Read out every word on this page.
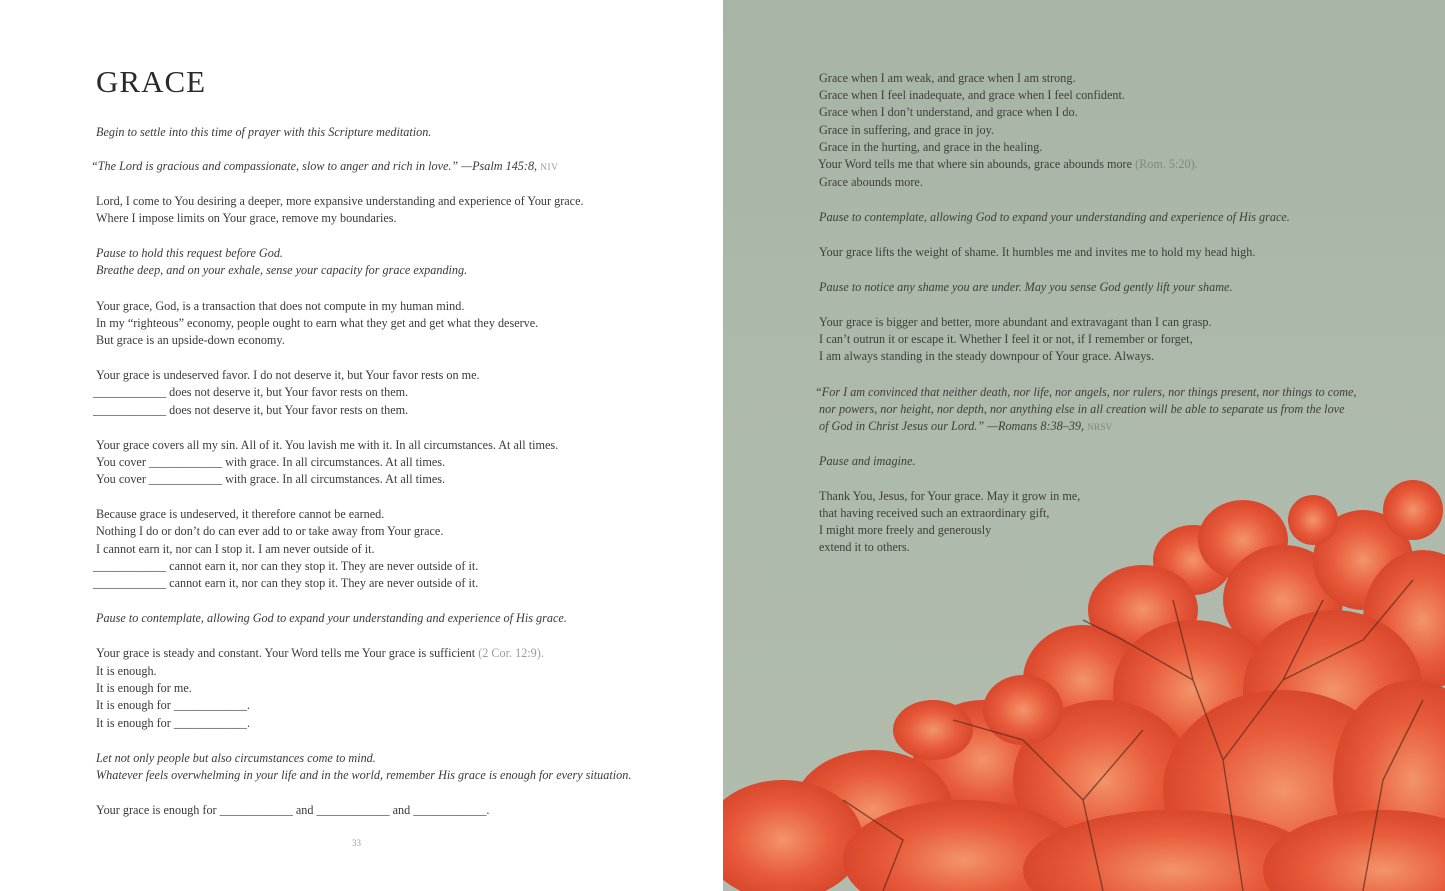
GRACE
Begin to settle into this time of prayer with this Scripture meditation.
“The Lord is gracious and compassionate, slow to anger and rich in love.” —Psalm 145:8, NIV
Lord, I come to You desiring a deeper, more expansive understanding and experience of Your grace.
Where I impose limits on Your grace, remove my boundaries.
Pause to hold this request before God.
Breathe deep, and on your exhale, sense your capacity for grace expanding.
Your grace, God, is a transaction that does not compute in my human mind.
In my “righteous” economy, people ought to earn what they get and get what they deserve.
But grace is an upside-down economy.
Your grace is undeserved favor. I do not deserve it, but Your favor rests on me.
____________ does not deserve it, but Your favor rests on them.
____________ does not deserve it, but Your favor rests on them.
Your grace covers all my sin. All of it. You lavish me with it. In all circumstances. At all times.
You cover ____________ with grace. In all circumstances. At all times.
You cover ____________ with grace. In all circumstances. At all times.
Because grace is undeserved, it therefore cannot be earned.
Nothing I do or don’t do can ever add to or take away from Your grace.
I cannot earn it, nor can I stop it. I am never outside of it.
____________ cannot earn it, nor can they stop it. They are never outside of it.
____________ cannot earn it, nor can they stop it. They are never outside of it.
Pause to contemplate, allowing God to expand your understanding and experience of His grace.
Your grace is steady and constant. Your Word tells me Your grace is sufficient (2 Cor. 12:9).
It is enough.
It is enough for me.
It is enough for ____________.
It is enough for ____________.
Let not only people but also circumstances come to mind.
Whatever feels overwhelming in your life and in the world, remember His grace is enough for every situation.
Your grace is enough for ____________ and ____________ and ____________.
33
Grace when I am weak, and grace when I am strong.
Grace when I feel inadequate, and grace when I feel confident.
Grace when I don’t understand, and grace when I do.
Grace in suffering, and grace in joy.
Grace in the hurting, and grace in the healing.
Your Word tells me that where sin abounds, grace abounds more (Rom. 5:20).
Grace abounds more.
Pause to contemplate, allowing God to expand your understanding and experience of His grace.
Your grace lifts the weight of shame. It humbles me and invites me to hold my head high.
Pause to notice any shame you are under. May you sense God gently lift your shame.
Your grace is bigger and better, more abundant and extravagant than I can grasp.
I can’t outrun it or escape it. Whether I feel it or not, if I remember or forget,
I am always standing in the steady downpour of Your grace. Always.
“For I am convinced that neither death, nor life, nor angels, nor rulers, nor things present, nor things to come,
nor powers, nor height, nor depth, nor anything else in all creation will be able to separate us from the love
of God in Christ Jesus our Lord.” —Romans 8:38–39, NRSV
Pause and imagine.
Thank You, Jesus, for Your grace. May it grow in me,
that having received such an extraordinary gift,
I might more freely and generously
extend it to others.
